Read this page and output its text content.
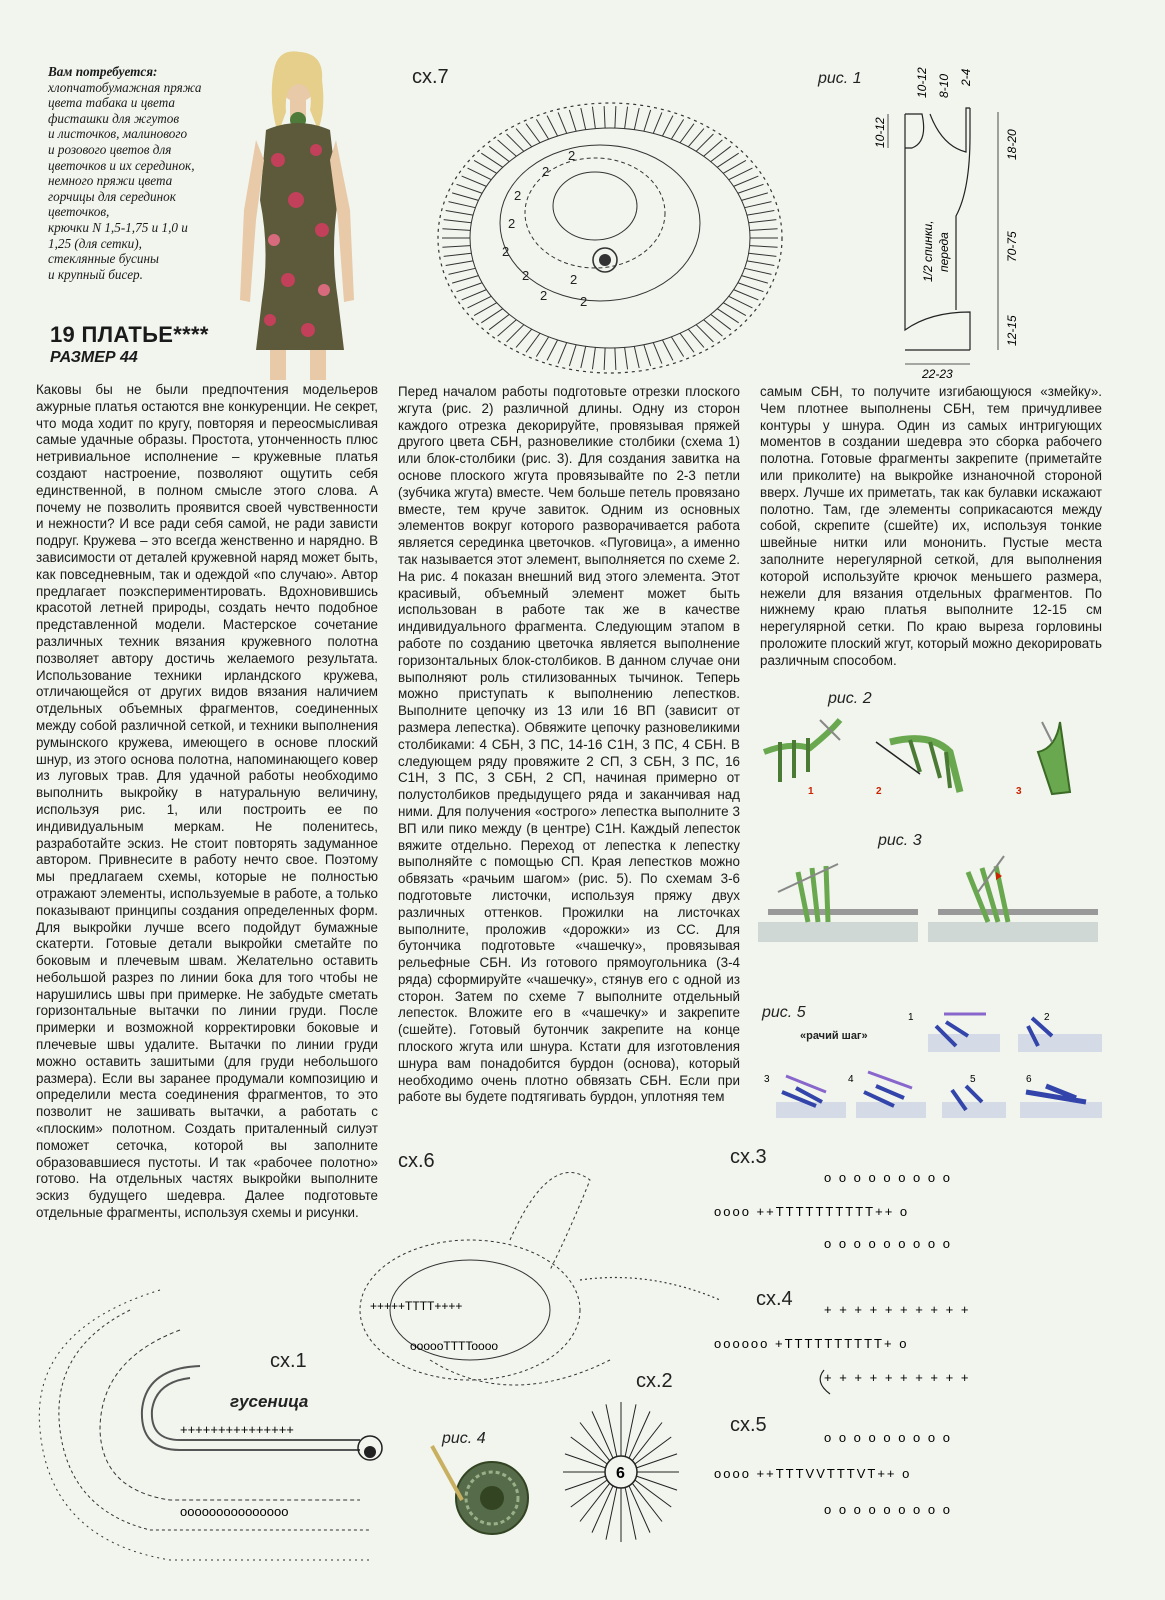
Вам потребуется:
хлопчатобумажная пряжа
цвета табака и цвета
фисташки для жгутов
и листочков, малинового
и розового цветов для
цветочков и их серединок,
немного пряжи цвета
горчицы для серединок
цветочков,
крючки N 1,5-1,75 и 1,0 и
1,25 (для сетки),
стеклянные бусины
и крупный бисер.
19 ПЛАТЬЕ****
РАЗМЕР 44

Каковы бы не были предпочтения модельеров ажурные платья остаются вне конкуренции. Не секрет, что мода ходит по кругу, повторяя и переосмысливая самые удачные образы. Простота, утонченность плюс нетривиальное исполнение – кружевные платья создают настроение, позволяют ощутить себя единственной, в полном смысле этого слова. А почему не позволить проявится своей чувственности и нежности? И все ради себя самой, не ради зависти подруг. Кружева – это всегда женственно и нарядно. В зависимости от деталей кружевной наряд может быть, как повседневным, так и одеждой «по случаю». Автор предлагает поэкспериментировать. Вдохновившись красотой летней природы, создать нечто подобное представленной модели. Мастерское сочетание различных техник вязания кружевного полотна позволяет автору достичь желаемого результата. Использование техники ирландского кружева, отличающейся от других видов вязания наличием отдельных объемных фрагментов, соединенных между собой различной сеткой, и техники выполнения румынского кружева, имеющего в основе плоский шнур, из этого основа полотна, напоминающего ковер из луговых трав. Для удачной работы необходимо выполнить выкройку в натуральную величину, используя рис. 1, или построить ее по индивидуальным меркам. Не поленитесь, разработайте эскиз. Не стоит повторять задуманное автором. Привнесите в работу нечто свое. Поэтому мы предлагаем схемы, которые не полностью отражают элементы, используемые в работе, а только показывают принципы создания определенных форм. Для выкройки лучше всего подойдут бумажные скатерти. Готовые детали выкройки сметайте по боковым и плечевым швам. Желательно оставить небольшой разрез по линии бока для того чтобы не нарушились швы при примерке. Не забудьте сметать горизонтальные вытачки по линии груди. После примерки и возможной корректировки боковые и плечевые швы удалите. Вытачки по линии груди можно оставить зашитыми (для груди небольшого размера). Если вы заранее продумали композицию и определили места соединения фрагментов, то это позволит не зашивать вытачки, а работать с «плоским» полотном. Создать приталенный силуэт поможет сеточка, которой вы заполните образовавшиеся пустоты. И так «рабочее полотно» готово. На отдельных частях выкройки выполните эскиз будущего шедевра. Далее подготовьте отдельные фрагменты, используя схемы и рисунки.

Перед началом работы подготовьте отрезки плоского жгута (рис. 2) различной длины. Одну из сторон каждого отрезка декорируйте, провязывая пряжей другого цвета СБН, разновеликие столбики (схема 1) или блок-столбики (рис. 3). Для создания завитка на основе плоского жгута провязывайте по 2-3 петли (зубчика жгута) вместе. Чем больше петель провязано вместе, тем круче завиток. Одним из основных элементов вокруг которого разворачивается работа является серединка цветочков. «Пуговица», а именно так называется этот элемент, выполняется по схеме 2. На рис. 4 показан внешний вид этого элемента. Этот красивый, объемный элемент может быть использован в работе так же в качестве индивидуального фрагмента. Следующим этапом в работе по созданию цветочка является выполнение горизонтальных блок-столбиков. В данном случае они выполняют роль стилизованных тычинок. Теперь можно приступать к выполнению лепестков. Выполните цепочку из 13 или 16 ВП (зависит от размера лепестка). Обвяжите цепочку разновеликими столбиками: 4 СБН, 3 ПС, 14-16 С1Н, 3 ПС, 4 СБН. В следующем ряду провяжите 2 СП, 3 СБН, 3 ПС, 16 С1Н, 3 ПС, 3 СБН, 2 СП, начиная примерно от полустолбиков предыдущего ряда и заканчивая над ними. Для получения «острого» лепестка выполните 3 ВП или пико между (в центре) С1Н. Каждый лепесток вяжите отдельно. Переход от лепестка к лепестку выполняйте с помощью СП. Края лепестков можно обвязать «рачьим шагом» (рис. 5). По схемам 3-6 подготовьте листочки, используя пряжу двух различных оттенков. Прожилки на листочках выполните, проложив «дорожки» из СС. Для бутончика подготовьте «чашечку», провязывая рельефные СБН. Из готового прямоугольника (3-4 ряда) сформируйте «чашечку», стянув его с одной из сторон. Затем по схеме 7 выполните отдельный лепесток. Вложите его в «чашечку» и закрепите (сшейте). Готовый бутончик закрепите на конце плоского жгута или шнура. Кстати для изготовления шнура вам понадобится бурдон (основа), который необходимо очень плотно обвязать СБН. Если при работе вы будете подтягивать бурдон, уплотняя тем

самым СБН, то получите изгибающуюся «змейку». Чем плотнее выполнены СБН, тем причудливее контуры у шнура. Один из самых интригующих моментов в создании шедевра это сборка рабочего полотна. Готовые фрагменты закрепите (приметайте или приколите) на выкройке изнаночной стороной вверх. Лучше их приметать, так как булавки искажают полотно. Там, где элементы соприкасаются между собой, скрепите (сшейте) их, используя тонкие швейные нитки или мононить. Пустые места заполните нерегулярной сеткой, для выполнения которой используйте крючок меньшего размера, нежели для вязания отдельных фрагментов. По нижнему краю платья выполните 12-15 см нерегулярной сетки. По краю выреза горловины проложите плоский жгут, который можно декорировать различным способом.

сх.7
2
2
2
2
2
2
2
2
2
рис. 1	10-12 8-10 2-4
10-12	18-20
70-75
12-15
22-23
1/2 спинки, переда
рис. 2
1	2	3
рис. 3
рис. 5
«рачий шаг»
1	2
3	4	5	6
сх.1
гусеница
+++++++++++++++
ooooooooooooooo
сх.6
+++++TTTT++++
oooooTTTToooo
рис. 4
сх.2
6
сх.3
oooo ++TTTTTTTTTT++ o
o o o o o o o o o
o o o o o o o o o
сх.4
oooooo +TTTTTTTTTT+ o
+ + + + + + + + + +
+ + + + + + + + + +
сх.5
oooo ++TTTVVTTTVT++ o
o o o o o o o o o
o o o o o o o o o
